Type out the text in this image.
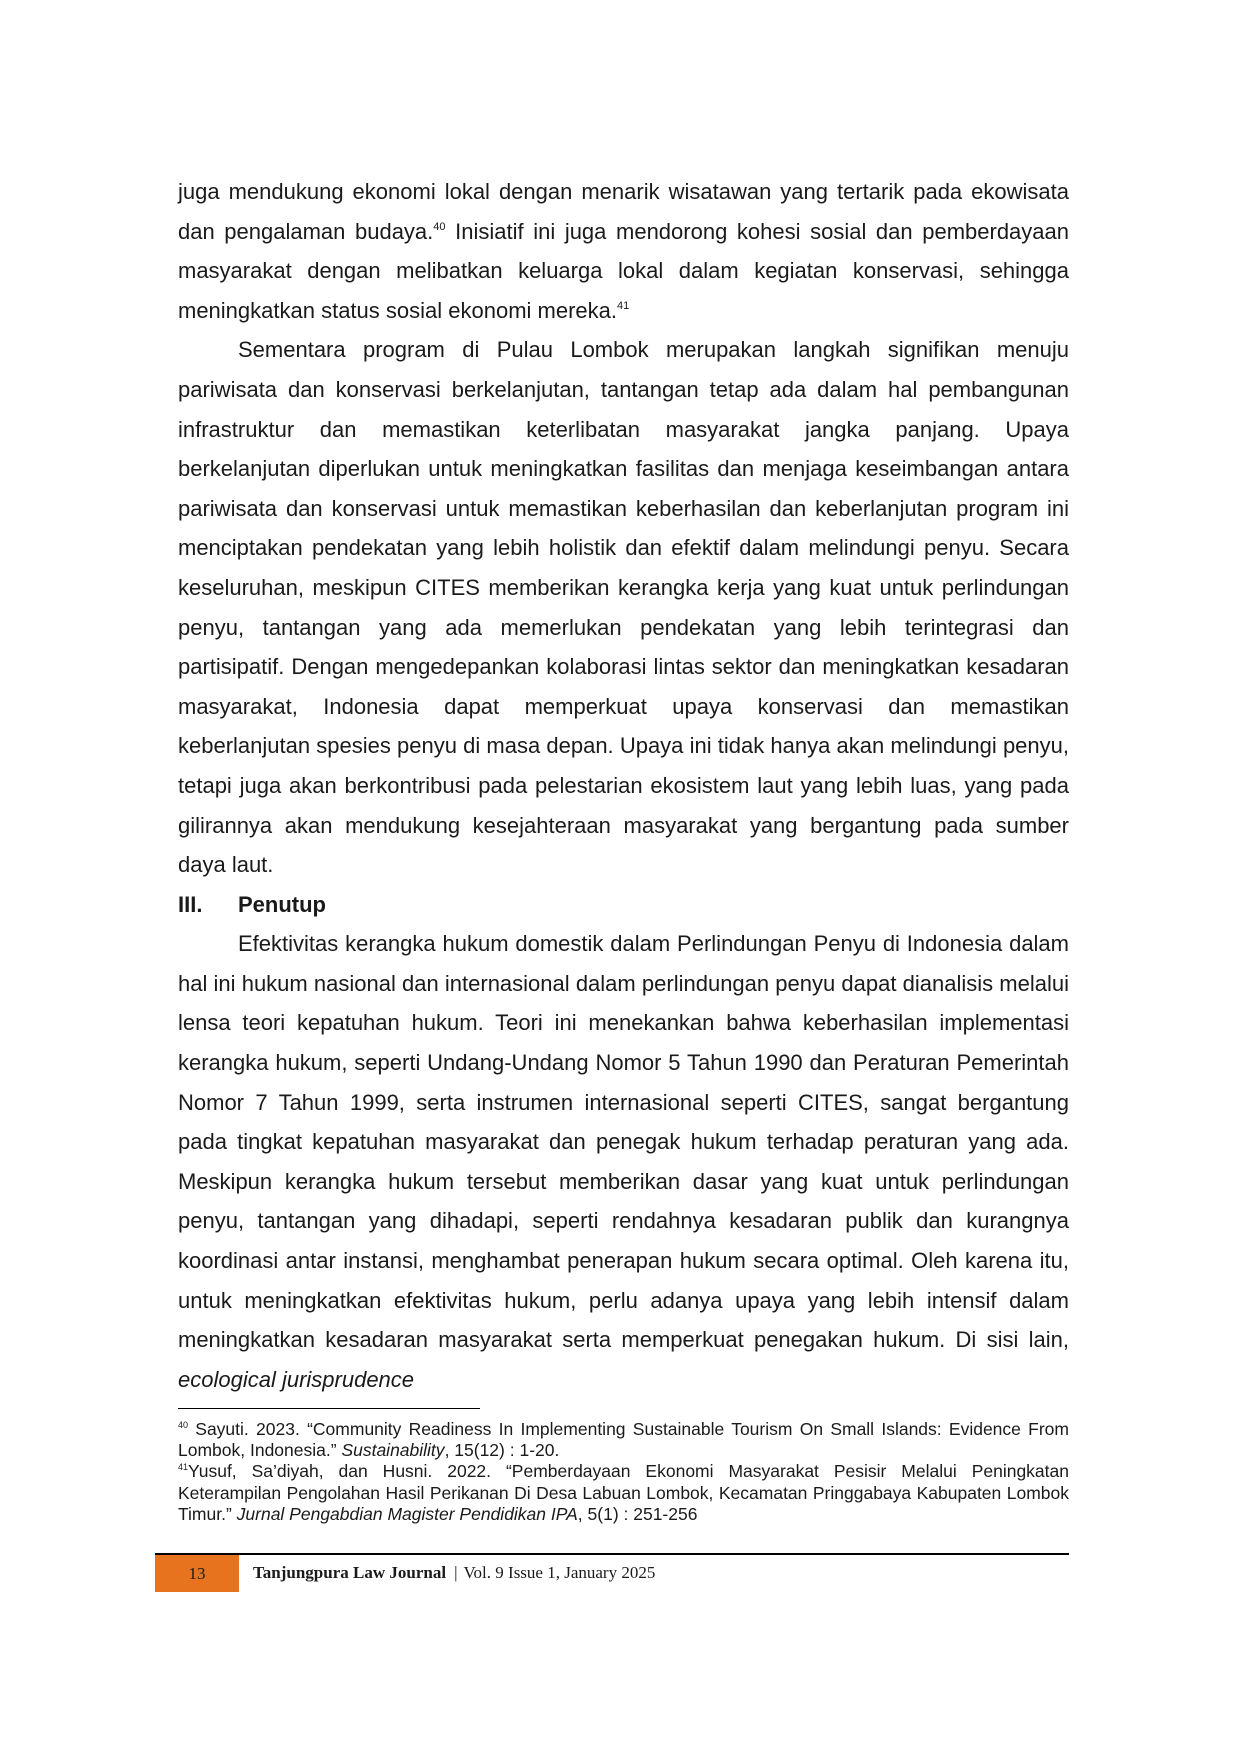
juga mendukung ekonomi lokal dengan menarik wisatawan yang tertarik pada ekowisata dan pengalaman budaya.$^{40}$ Inisiatif ini juga mendorong kohesi sosial dan pemberdayaan masyarakat dengan melibatkan keluarga lokal dalam kegiatan konservasi, sehingga meningkatkan status sosial ekonomi mereka.$^{41}$

Sementara program di Pulau Lombok merupakan langkah signifikan menuju pariwisata dan konservasi berkelanjutan, tantangan tetap ada dalam hal pembangunan infrastruktur dan memastikan keterlibatan masyarakat jangka panjang. Upaya berkelanjutan diperlukan untuk meningkatkan fasilitas dan menjaga keseimbangan antara pariwisata dan konservasi untuk memastikan keberhasilan dan keberlanjutan program ini menciptakan pendekatan yang lebih holistik dan efektif dalam melindungi penyu. Secara keseluruhan, meskipun CITES memberikan kerangka kerja yang kuat untuk perlindungan penyu, tantangan yang ada memerlukan pendekatan yang lebih terintegrasi dan partisipatif. Dengan mengedepankan kolaborasi lintas sektor dan meningkatkan kesadaran masyarakat, Indonesia dapat memperkuat upaya konservasi dan memastikan keberlanjutan spesies penyu di masa depan. Upaya ini tidak hanya akan melindungi penyu, tetapi juga akan berkontribusi pada pelestarian ekosistem laut yang lebih luas, yang pada gilirannya akan mendukung kesejahteraan masyarakat yang bergantung pada sumber daya laut.

III.	Penutup

Efektivitas kerangka hukum domestik dalam Perlindungan Penyu di Indonesia dalam hal ini hukum nasional dan internasional dalam perlindungan penyu dapat dianalisis melalui lensa teori kepatuhan hukum. Teori ini menekankan bahwa keberhasilan implementasi kerangka hukum, seperti Undang-Undang Nomor 5 Tahun 1990 dan Peraturan Pemerintah Nomor 7 Tahun 1999, serta instrumen internasional seperti CITES, sangat bergantung pada tingkat kepatuhan masyarakat dan penegak hukum terhadap peraturan yang ada. Meskipun kerangka hukum tersebut memberikan dasar yang kuat untuk perlindungan penyu, tantangan yang dihadapi, seperti rendahnya kesadaran publik dan kurangnya koordinasi antar instansi, menghambat penerapan hukum secara optimal. Oleh karena itu, untuk meningkatkan efektivitas hukum, perlu adanya upaya yang lebih intensif dalam meningkatkan kesadaran masyarakat serta memperkuat penegakan hukum. Di sisi lain, ecological jurisprudence

$^{40}$ Sayuti. 2023. “Community Readiness In Implementing Sustainable Tourism On Small Islands: Evidence From Lombok, Indonesia.” Sustainability, 15(12) : 1-20.

$^{41}$Yusuf, Sa’diyah, dan Husni. 2022. “Pemberdayaan Ekonomi Masyarakat Pesisir Melalui Peningkatan Keterampilan Pengolahan Hasil Perikanan Di Desa Labuan Lombok, Kecamatan Pringgabaya Kabupaten Lombok Timur.” Jurnal Pengabdian Magister Pendidikan IPA, 5(1) : 251-256

13	Tanjungpura Law Journal | Vol. 9 Issue 1, January 2025
